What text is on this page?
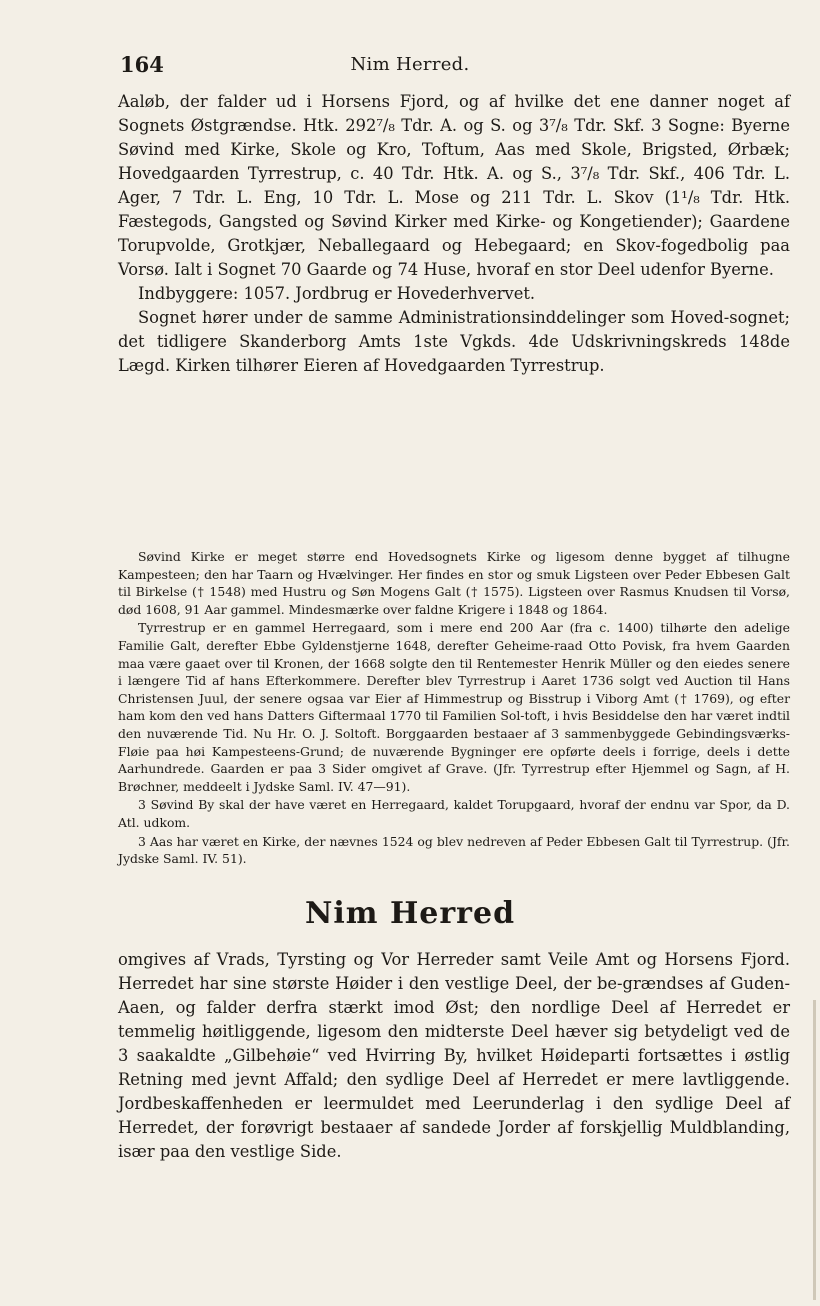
164	Nim Herred.

Aaløb, der falder ud i Horsens Fjord, og af hvilke det ene danner noget af Sognets Østgrændse. Htk. 292⁷/₈ Tdr. A. og S. og 3⁷/₈ Tdr. Skf. 3 Sogne: Byerne Søvind med Kirke, Skole og Kro, Toftum, Aas med Skole, Brigsted, Ørbæk; Hovedgaarden Tyrrestrup, c. 40 Tdr. Htk. A. og S., 3⁷/₈ Tdr. Skf., 406 Tdr. L. Ager, 7 Tdr. L. Eng, 10 Tdr. L. Mose og 211 Tdr. L. Skov (1¹/₈ Tdr. Htk. Fæstegods, Gangsted og Søvind Kirker med Kirke- og Kongetiender); Gaardene Torupvolde, Grotkjær, Neballegaard og Hebegaard; en Skov-fogedbolig paa Vorsø. Ialt i Sognet 70 Gaarde og 74 Huse, hvoraf en stor Deel udenfor Byerne.

Indbyggere: 1057. Jordbrug er Hovederhvervet.

Sognet hører under de samme Administrationsinddelinger som Hoved-sognet; det tidligere Skanderborg Amts 1ste Vgkds. 4de Udskrivningskreds 148de Lægd. Kirken tilhører Eieren af Hovedgaarden Tyrrestrup.

Søvind Kirke er meget større end Hovedsognets Kirke og ligesom denne bygget af tilhugne Kampesteen; den har Taarn og Hvælvinger. Her findes en stor og smuk Ligsteen over Peder Ebbesen Galt til Birkelse († 1548) med Hustru og Søn Mogens Galt († 1575). Ligsteen over Rasmus Knudsen til Vorsø, død 1608, 91 Aar gammel. Mindesmærke over faldne Krigere i 1848 og 1864.

Tyrrestrup er en gammel Herregaard, som i mere end 200 Aar (fra c. 1400) tilhørte den adelige Familie Galt, derefter Ebbe Gyldenstjerne 1648, derefter Geheime-raad Otto Povisk, fra hvem Gaarden maa være gaaet over til Kronen, der 1668 solgte den til Rentemester Henrik Müller og den eiedes senere i længere Tid af hans Efterkommere. Derefter blev Tyrrestrup i Aaret 1736 solgt ved Auction til Hans Christensen Juul, der senere ogsaa var Eier af Himmestrup og Bisstrup i Viborg Amt († 1769), og efter ham kom den ved hans Datters Giftermaal 1770 til Familien Sol-toft, i hvis Besiddelse den har været indtil den nuværende Tid. Nu Hr. O. J. Soltoft. Borggaarden bestaaer af 3 sammenbyggede Gebindingsværks-Fløie paa høi Kampesteens-Grund; de nuværende Bygninger ere opførte deels i forrige, deels i dette Aarhundrede. Gaarden er paa 3 Sider omgivet af Grave. (Jfr. Tyrrestrup efter Hjemmel og Sagn, af H. Brøchner, meddeelt i Jydske Saml. IV. 47—91).

3 Søvind By skal der have været en Herregaard, kaldet Torupgaard, hvoraf der endnu var Spor, da D. Atl. udkom.

3 Aas har været en Kirke, der nævnes 1524 og blev nedreven af Peder Ebbesen Galt til Tyrrestrup. (Jfr. Jydske Saml. IV. 51).

Nim Herred

omgives af Vrads, Tyrsting og Vor Herreder samt Veile Amt og Horsens Fjord. Herredet har sine største Høider i den vestlige Deel, der be-grændses af Guden-Aaen, og falder derfra stærkt imod Øst; den nordlige Deel af Herredet er temmelig høitliggende, ligesom den midterste Deel hæver sig betydeligt ved de 3 saakaldte „Gilbehøie“ ved Hvirring By, hvilket Høideparti fortsættes i østlig Retning med jevnt Affald; den sydlige Deel af Herredet er mere lavtliggende. Jordbeskaffenheden er leermuldet med Leerunderlag i den sydlige Deel af Herredet, der forøvrigt bestaaer af sandede Jorder af forskjellig Muldblanding, især paa den vestlige Side.
